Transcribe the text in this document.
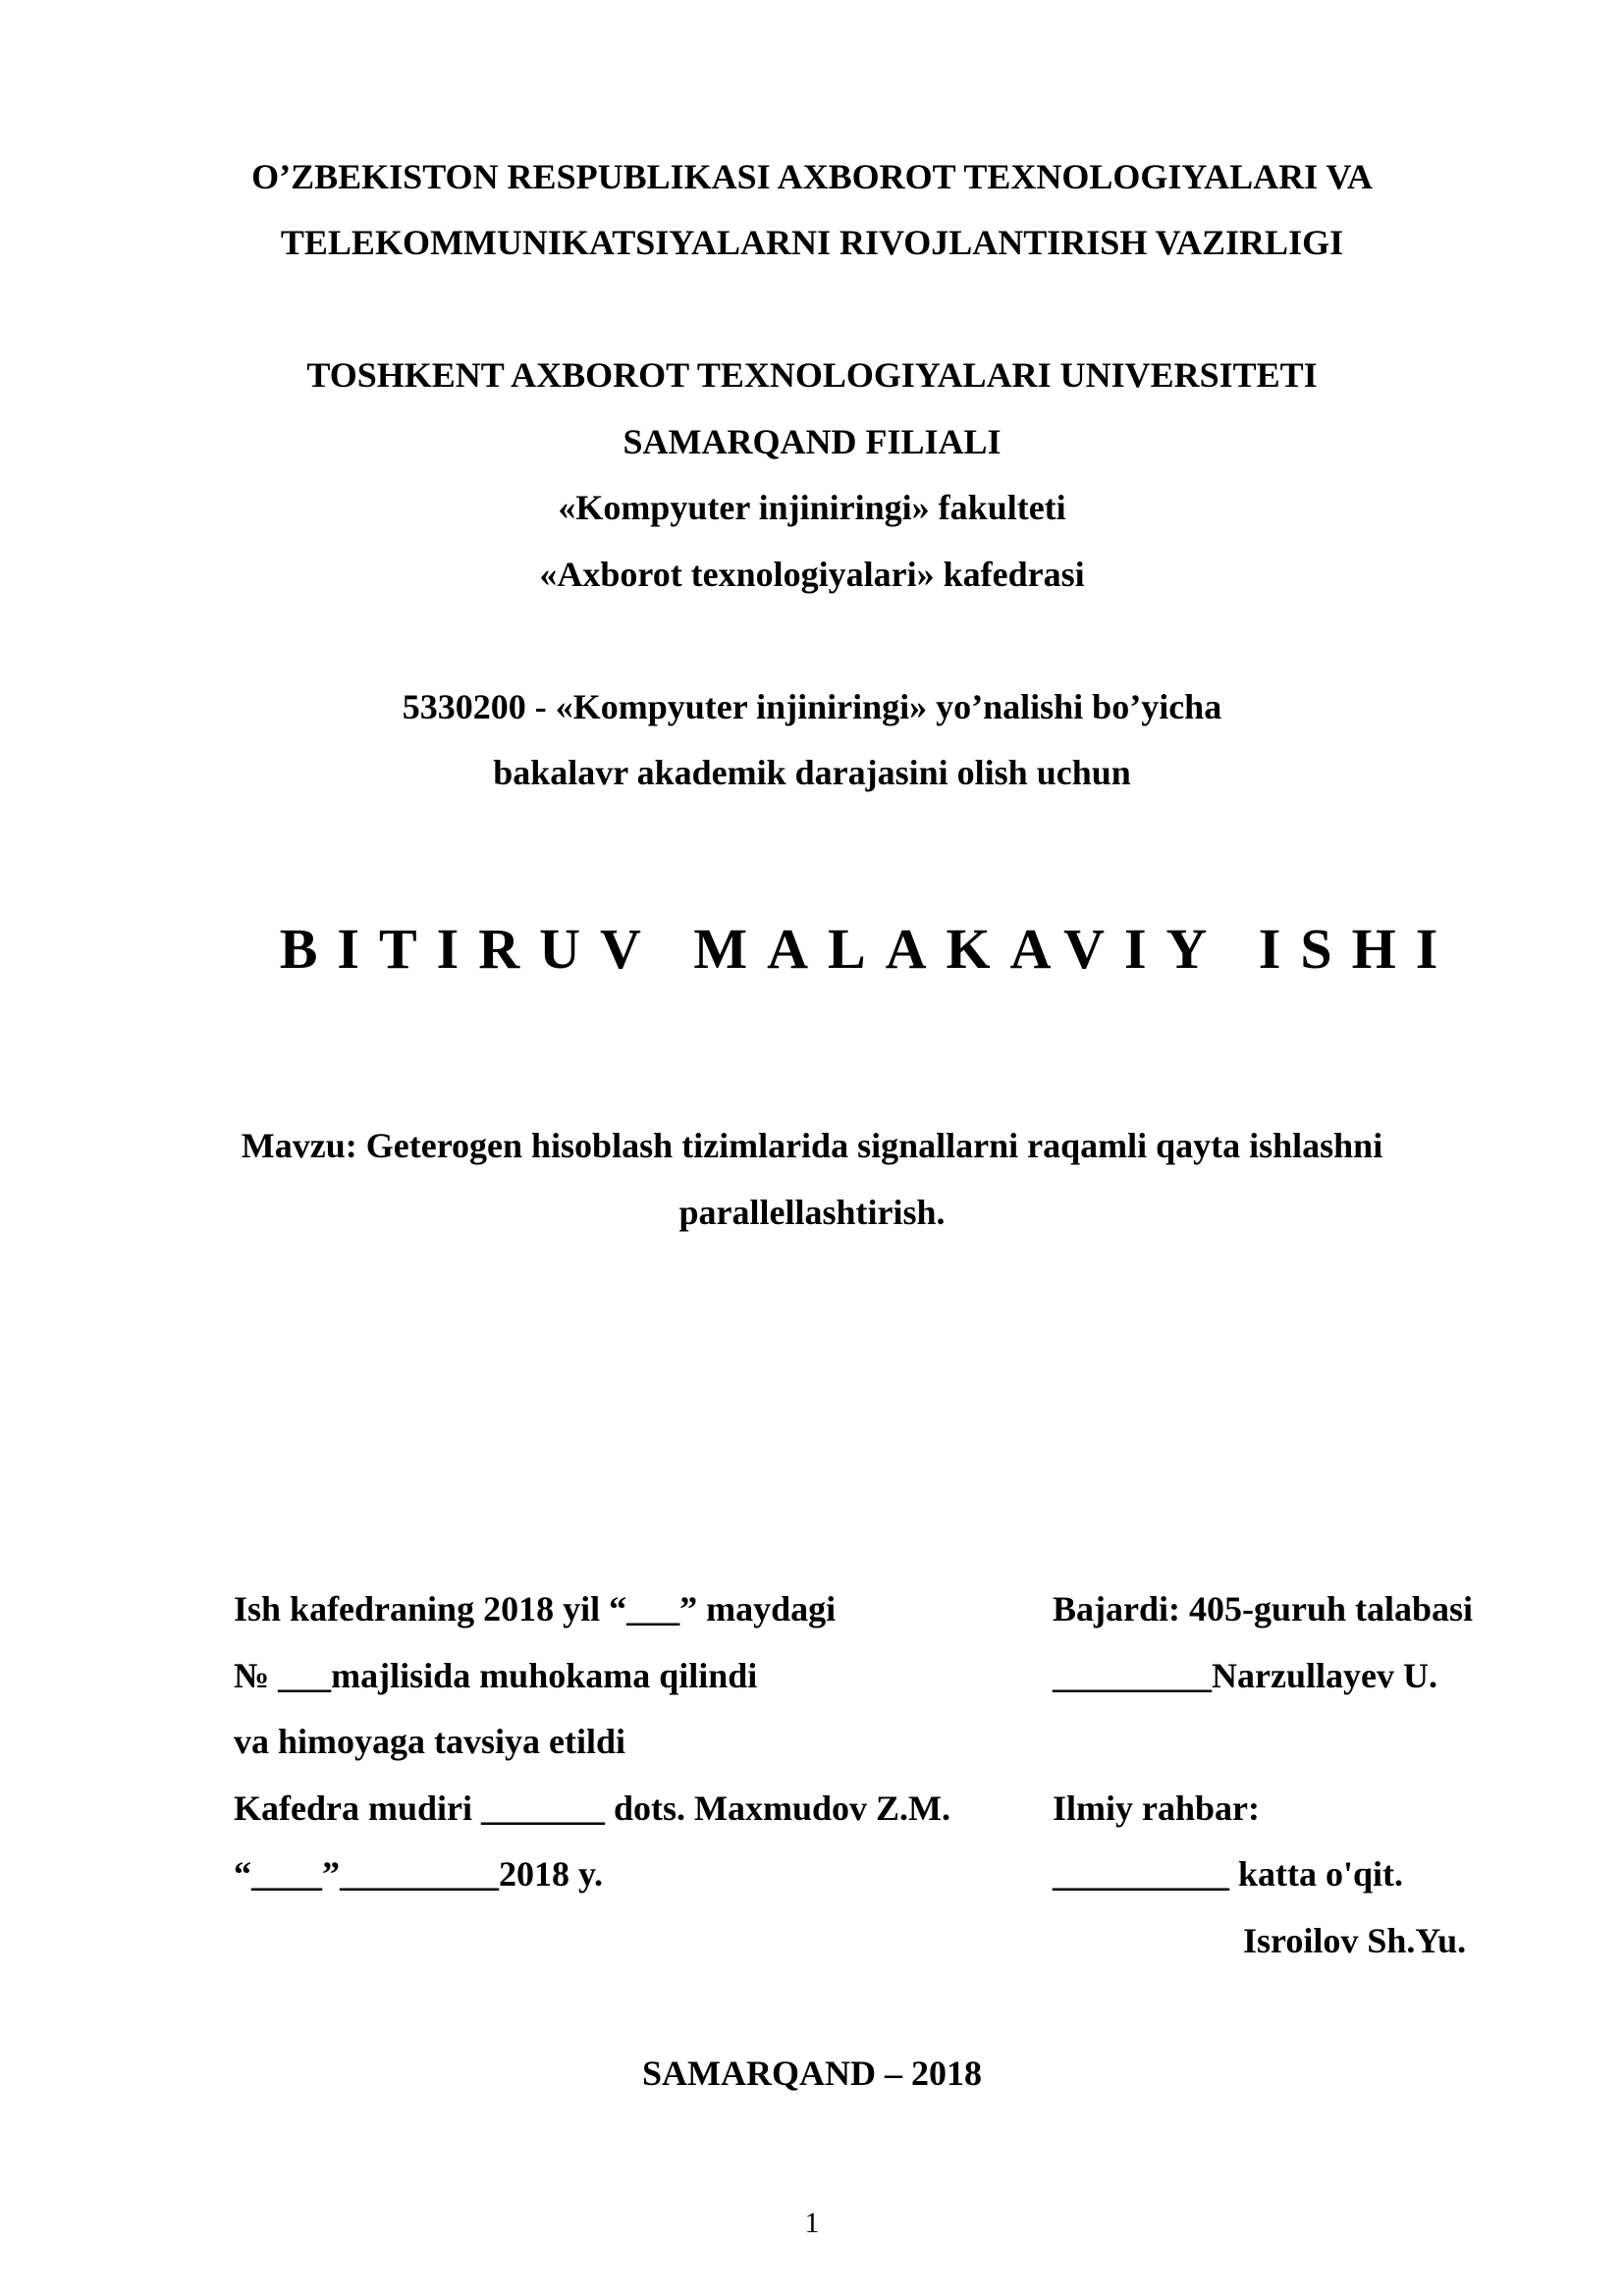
O’ZBEKISTON RESPUBLIKASI AXBOROT TEXNOLOGIYALARI VA
TELEKOMMUNIKATSIYALARNI RIVOJLANTIRISH VAZIRLIGI
TOSHKENT AXBOROT TEXNOLOGIYALARI UNIVERSITETI
SAMARQAND FILIALI
«Kompyuter injiniringi» fakulteti
«Axborot texnologiyalari» kafedrasi
5330200 - «Kompyuter injiniringi» yo’nalishi bo’yicha
bakalavr akademik darajasini olish uchun
BITIRUV MALAKAVIY ISHI
Mavzu: Geterogen hisoblash tizimlarida signallarni raqamli qayta ishlashni
parallellashtirish.
Ish kafedraning 2018 yil “___” maydagi
№ ___majlisida muhokama qilindi
va himoyaga tavsiya etildi
Kafedra mudiri _______ dots. Maxmudov Z.M.
“____”_________2018 y.
Bajardi: 405-guruh talabasi
_________Narzullayev U.
Ilmiy rahbar:
__________ katta o'qit.
Isroilov Sh.Yu.
SAMARQAND – 2018
1
